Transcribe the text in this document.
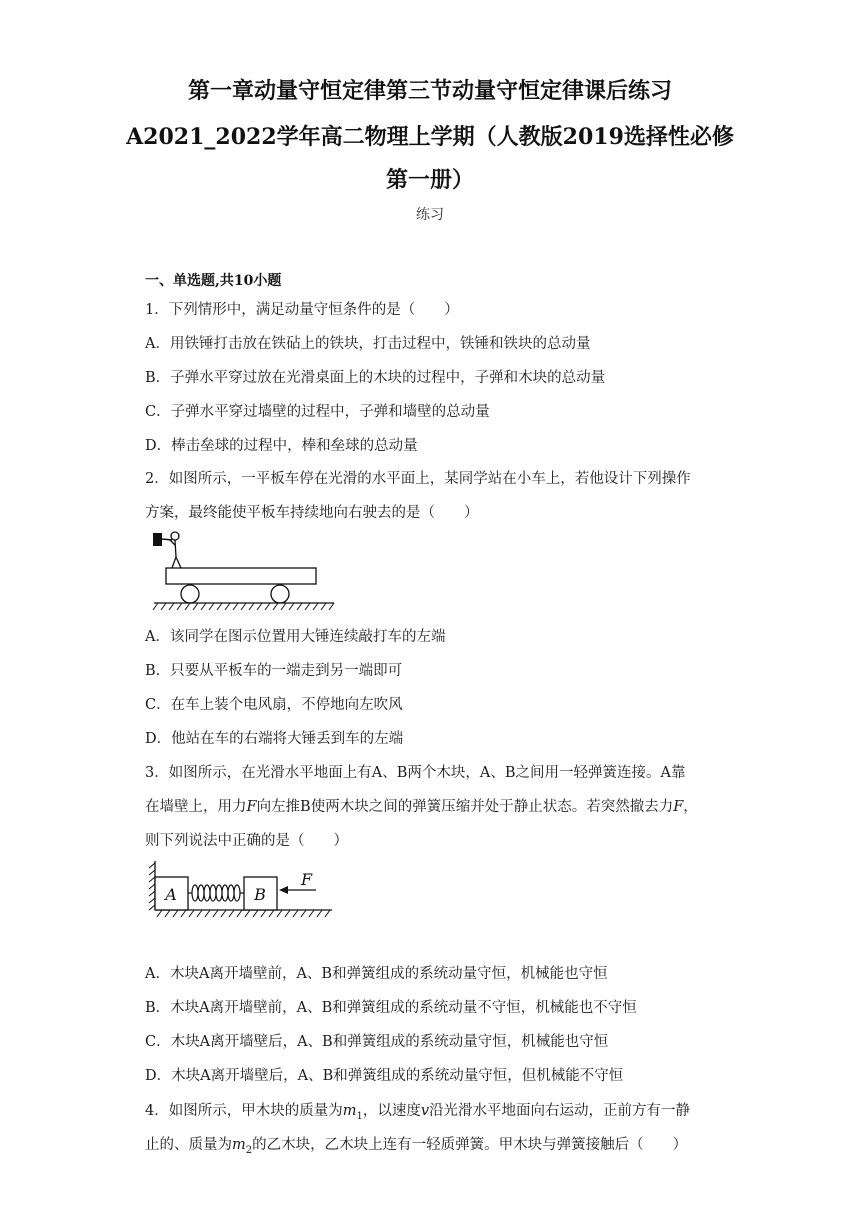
第一章动量守恒定律第三节动量守恒定律课后练习
A2021_2022学年高二物理上学期（人教版2019选择性必修
第一册）
练习
一、单选题,共10小题
1．下列情形中，满足动量守恒条件的是（　　）
A．用铁锤打击放在铁砧上的铁块，打击过程中，铁锤和铁块的总动量
B．子弹水平穿过放在光滑桌面上的木块的过程中，子弹和木块的总动量
C．子弹水平穿过墙壁的过程中，子弹和墙壁的总动量
D．棒击垒球的过程中，棒和垒球的总动量
2．如图所示，一平板车停在光滑的水平面上，某同学站在小车上，若他设计下列操作
方案，最终能使平板车持续地向右驶去的是（　　）
A．该同学在图示位置用大锤连续敲打车的左端
B．只要从平板车的一端走到另一端即可
C．在车上装个电风扇，不停地向左吹风
D．他站在车的右端将大锤丢到车的左端
3．如图所示，在光滑水平地面上有A、B两个木块，A、B之间用一轻弹簧连接。A靠
在墙壁上，用力F向左推B使两木块之间的弹簧压缩并处于静止状态。若突然撤去力F，
则下列说法中正确的是（　　）
A	B
F
A．木块A离开墙壁前，A、B和弹簧组成的系统动量守恒，机械能也守恒
B．木块A离开墙壁前，A、B和弹簧组成的系统动量不守恒，机械能也不守恒
C．木块A离开墙壁后，A、B和弹簧组成的系统动量守恒，机械能也守恒
D．木块A离开墙壁后，A、B和弹簧组成的系统动量守恒，但机械能不守恒
4．如图所示，甲木块的质量为$m_1$，以速度v沿光滑水平地面向右运动，正前方有一静
止的、质量为$m_2$的乙木块，乙木块上连有一轻质弹簧。甲木块与弹簧接触后（　　）
